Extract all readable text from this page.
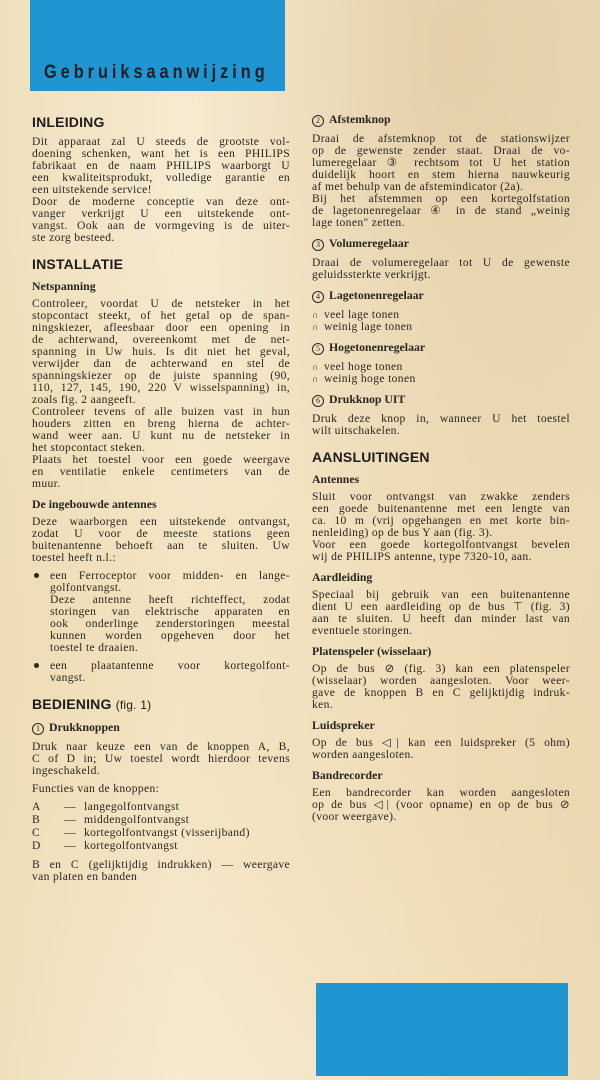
Gebruiksaanwijzing
INLEIDING
Dit apparaat zal U steeds de grootste vol-
doening schenken, want het is een PHILIPS
fabrikaat en de naam PHILIPS waarborgt U
een kwaliteitsprodukt, volledige garantie en
een uitstekende service!
Door de moderne conceptie van deze ont-
vanger verkrijgt U een uitstekende ont-
vangst. Ook aan de vormgeving is de uiter-
ste zorg besteed.
INSTALLATIE
Netspanning
Controleer, voordat U de netsteker in het
stopcontact steekt, of het getal op de span-
ningskiezer, afleesbaar door een opening in
de achterwand, overeenkomt met de net-
spanning in Uw huis. Is dit niet het geval,
verwijder dan de achterwand en stel de
spanningskiezer op de juiste spanning (90,
110, 127, 145, 190, 220 V wisselspanning) in,
zoals fig. 2 aangeeft.
Controleer tevens of alle buizen vast in hun
houders zitten en breng hierna de achter-
wand weer aan. U kunt nu de netsteker in
het stopcontact steken.
Plaats het toestel voor een goede weergave
en ventilatie enkele centimeters van de
muur.
De ingebouwde antennes
Deze waarborgen een uitstekende ontvangst,
zodat U voor de meeste stations geen
buitenantenne behoeft aan te sluiten. Uw
toestel heeft n.l.:
een Ferroceptor voor midden- en lange-
golfontvangst.
Deze antenne heeft richteffect, zodat
storingen van elektrische apparaten en
ook onderlinge zenderstoringen meestal
kunnen worden opgeheven door het
toestel te draaien.
een plaatantenne voor kortegolfont-
vangst.
BEDIENING (fig. 1)
1 Drukknoppen
Druk naar keuze een van de knoppen A, B,
C of D in; Uw toestel wordt hierdoor tevens
ingeschakeld.
Functies van de knoppen:
A	— langegolfontvangst
B	— middengolfontvangst
C	— kortegolfontvangst (visserijband)
D	— kortegolfontvangst
B en C (gelijktijdig indrukken) — weergave
van platen en banden
2 Afstemknop
Draai de afstemknop tot de stationswijzer
op de gewenste zender staat. Draai de vo-
lumeregelaar ③ rechtsom tot U het station
duidelijk hoort en stem hierna nauwkeurig
af met behulp van de afstemindicator (2a).
Bij het afstemmen op een kortegolfstation
de lagetonenregelaar ④ in de stand „weinig
lage tonen" zetten.
3 Volumeregelaar
Draai de volumeregelaar tot U de gewenste
geluidssterkte verkrijgt.
4 Lagetonenregelaar
∩ veel lage tonen
∩ weinig lage tonen
5 Hogetonenregelaar
∩ veel hoge tonen
∩ weinig hoge tonen
6 Drukknop UIT
Druk deze knop in, wanneer U het toestel
wilt uitschakelen.
AANSLUITINGEN
Antennes
Sluit voor ontvangst van zwakke zenders
een goede buitenantenne met een lengte van
ca. 10 m (vrij opgehangen en met korte bin-
nenleiding) op de bus Y aan (fig. 3).
Voor een goede kortegolfontvangst bevelen
wij de PHILIPS antenne, type 7320-10, aan.
Aardleiding
Speciaal bij gebruik van een buitenantenne
dient U een aardleiding op de bus ⊤ (fig. 3)
aan te sluiten. U heeft dan minder last van
eventuele storingen.
Platenspeler (wisselaar)
Op de bus ⊘ (fig. 3) kan een platenspeler
(wisselaar) worden aangesloten. Voor weer-
gave de knoppen B en C gelijktijdig indruk-
ken.
Luidspreker
Op de bus ◁| kan een luidspreker (5 ohm)
worden aangesloten.
Bandrecorder
Een bandrecorder kan worden aangesloten
op de bus ◁| (voor opname) en op de bus ⊘
(voor weergave).
